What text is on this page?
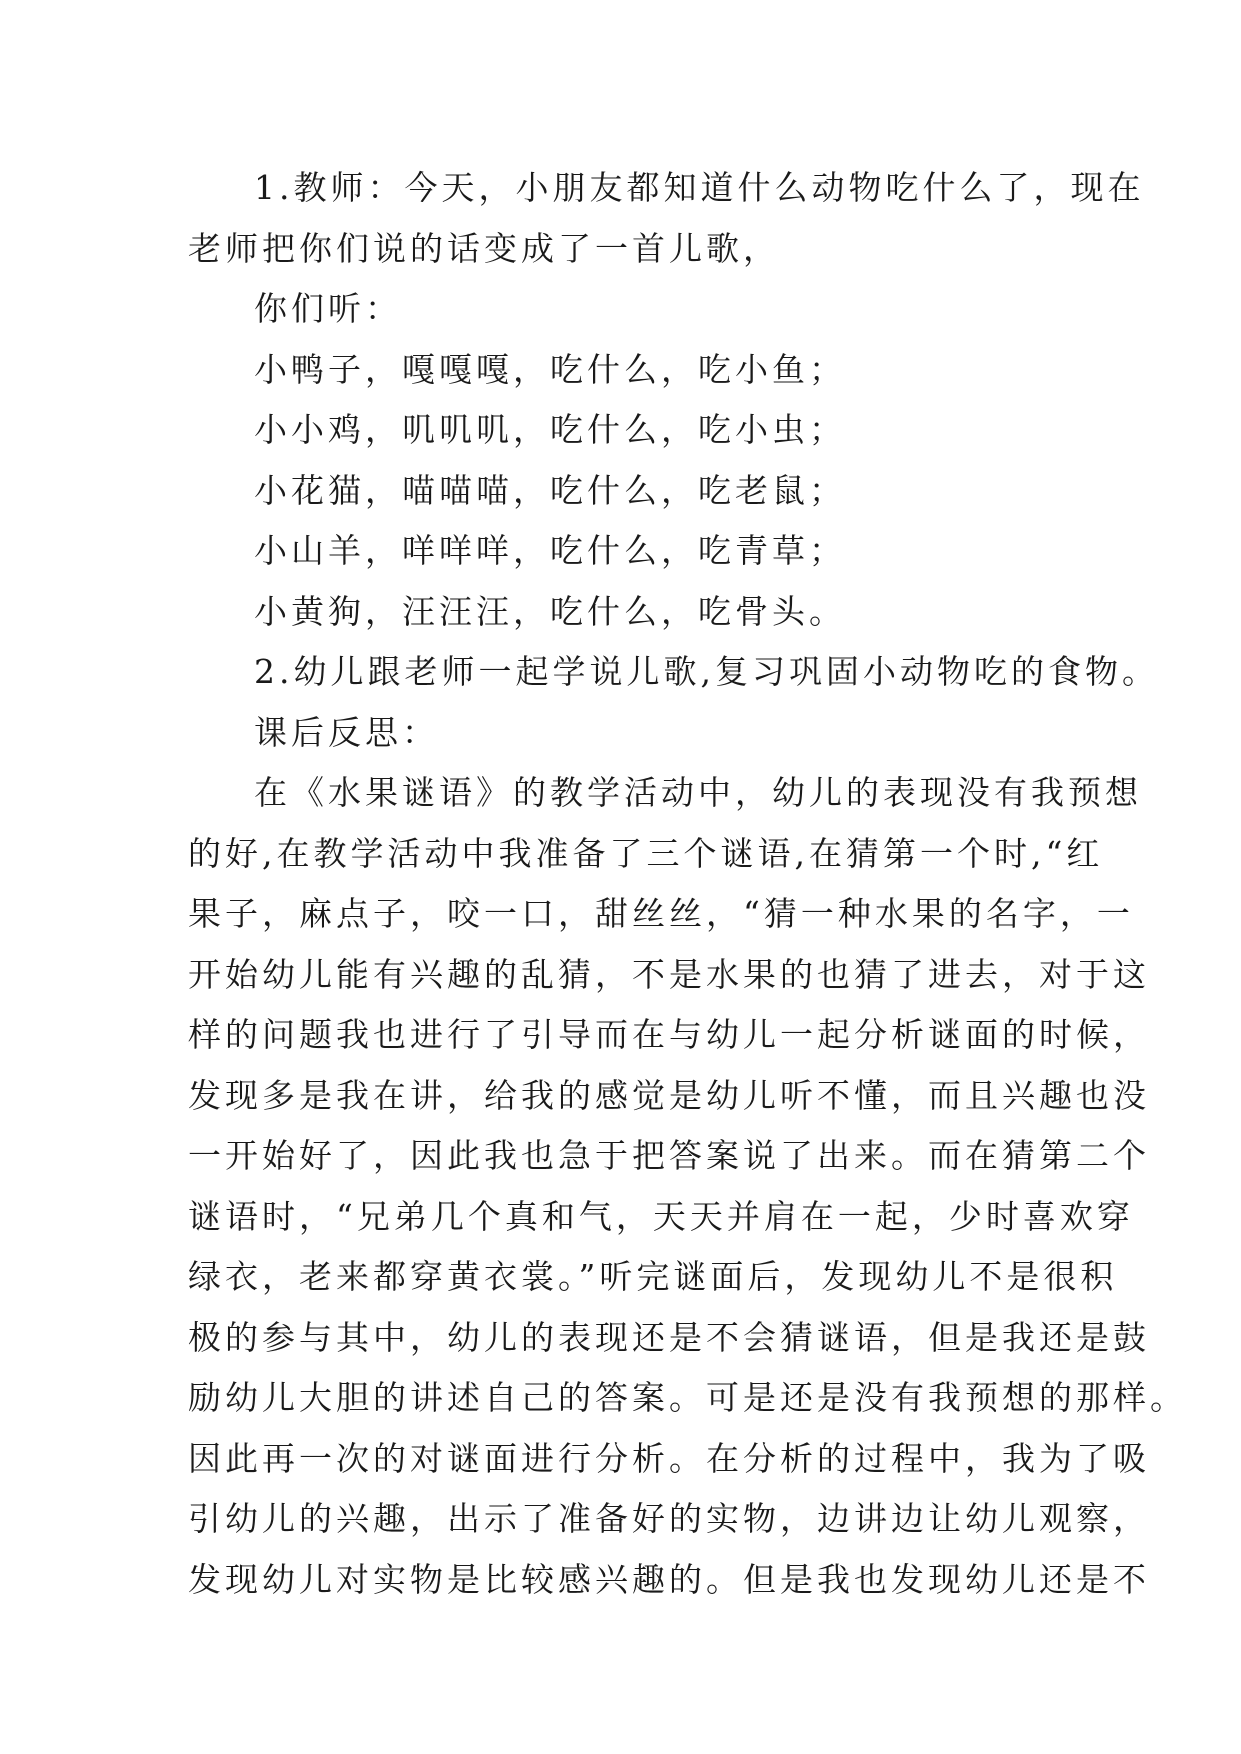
1.教师：今天，小朋友都知道什么动物吃什么了，现在
老师把你们说的话变成了一首儿歌，
你们听：
小鸭子，嘎嘎嘎，吃什么，吃小鱼；
小小鸡，叽叽叽，吃什么，吃小虫；
小花猫，喵喵喵，吃什么，吃老鼠；
小山羊，咩咩咩，吃什么，吃青草；
小黄狗，汪汪汪，吃什么，吃骨头。
2.幼儿跟老师一起学说儿歌,复习巩固小动物吃的食物。
课后反思：
在《水果谜语》的教学活动中，幼儿的表现没有我预想
的好,在教学活动中我准备了三个谜语,在猜第一个时,“红
果子，麻点子，咬一口，甜丝丝，“猜一种水果的名字，一
开始幼儿能有兴趣的乱猜，不是水果的也猜了进去，对于这
样的问题我也进行了引导而在与幼儿一起分析谜面的时候，
发现多是我在讲，给我的感觉是幼儿听不懂，而且兴趣也没
一开始好了，因此我也急于把答案说了出来。而在猜第二个
谜语时，“兄弟几个真和气，天天并肩在一起，少时喜欢穿
绿衣，老来都穿黄衣裳。”听完谜面后，发现幼儿不是很积
极的参与其中，幼儿的表现还是不会猜谜语，但是我还是鼓
励幼儿大胆的讲述自己的答案。可是还是没有我预想的那样。
因此再一次的对谜面进行分析。在分析的过程中，我为了吸
引幼儿的兴趣，出示了准备好的实物，边讲边让幼儿观察，
发现幼儿对实物是比较感兴趣的。但是我也发现幼儿还是不
